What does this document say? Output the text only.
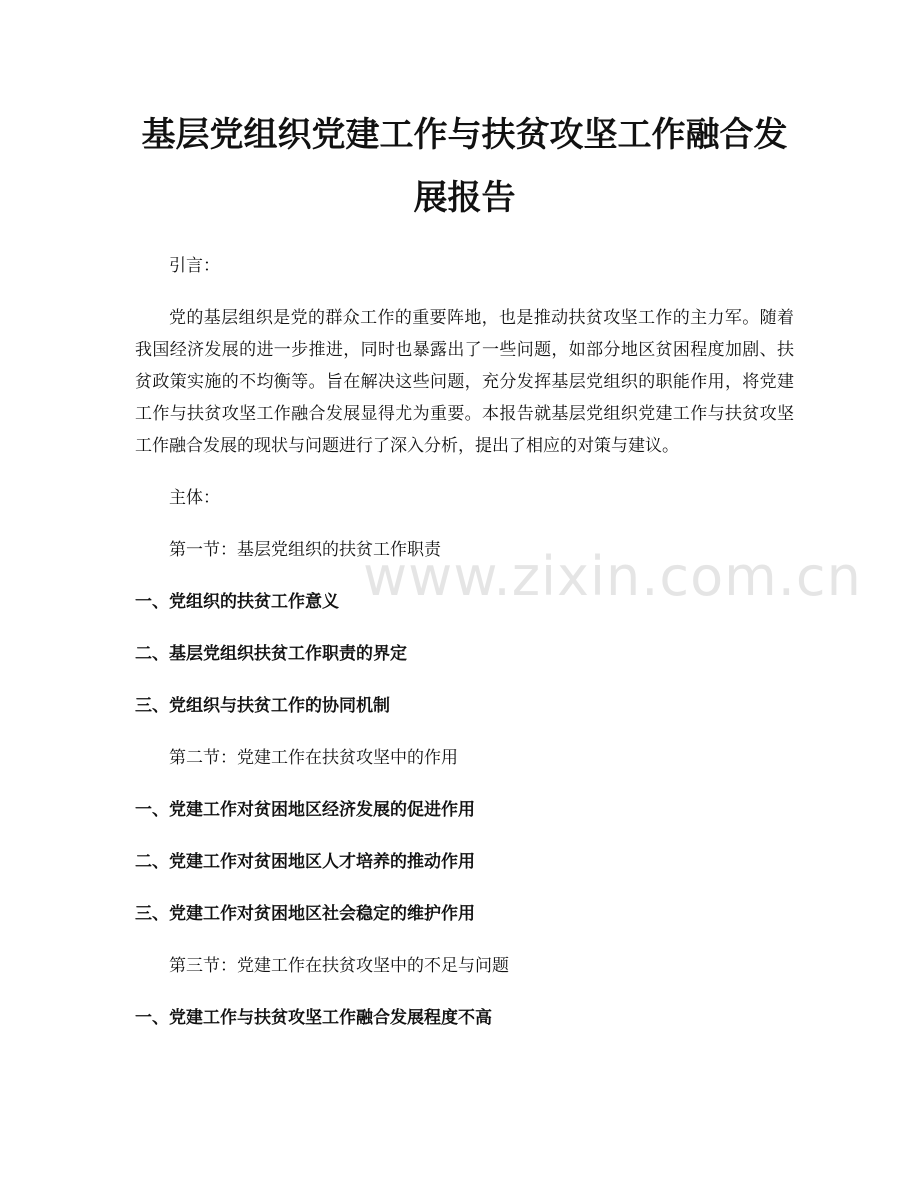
基层党组织党建工作与扶贫攻坚工作融合发
展报告

引言：

党的基层组织是党的群众工作的重要阵地，也是推动扶贫攻坚工作的主力军。随着我国经济发展的进一步推进，同时也暴露出了一些问题，如部分地区贫困程度加剧、扶贫政策实施的不均衡等。旨在解决这些问题，充分发挥基层党组织的职能作用，将党建工作与扶贫攻坚工作融合发展显得尤为重要。本报告就基层党组织党建工作与扶贫攻坚工作融合发展的现状与问题进行了深入分析，提出了相应的对策与建议。

主体：

第一节：基层党组织的扶贫工作职责

一、党组织的扶贫工作意义

二、基层党组织扶贫工作职责的界定

三、党组织与扶贫工作的协同机制

第二节：党建工作在扶贫攻坚中的作用

一、党建工作对贫困地区经济发展的促进作用

二、党建工作对贫困地区人才培养的推动作用

三、党建工作对贫困地区社会稳定的维护作用

第三节：党建工作在扶贫攻坚中的不足与问题

一、党建工作与扶贫攻坚工作融合发展程度不高

www.zixin.com.cn
